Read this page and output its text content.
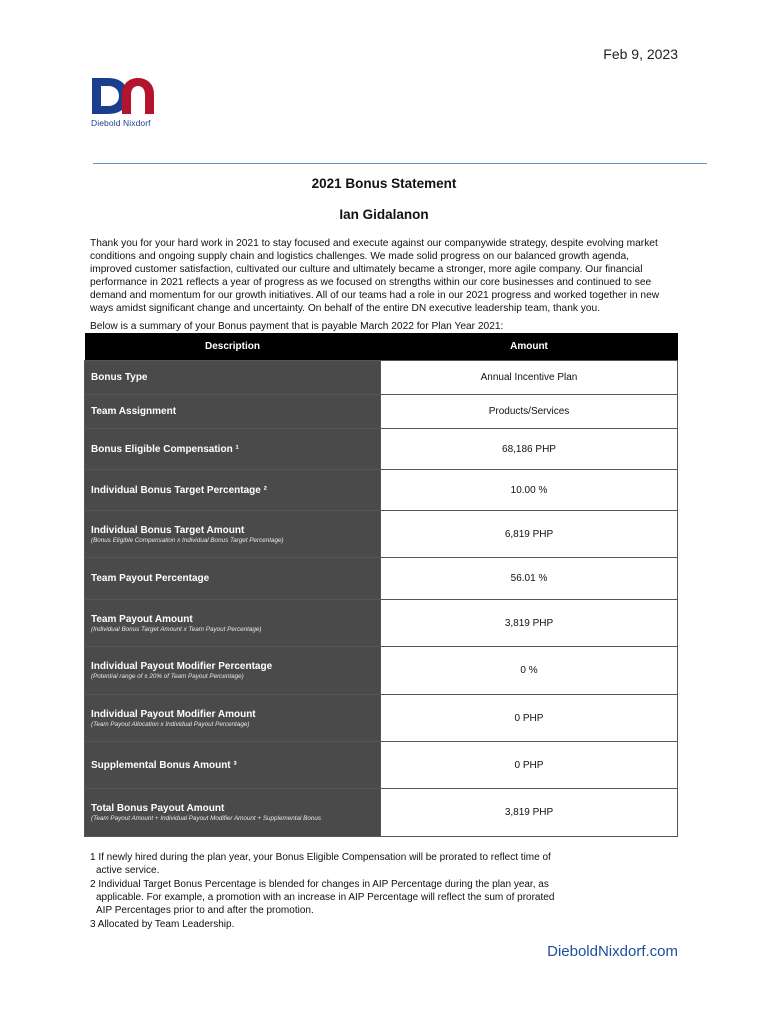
Feb 9, 2023
Diebold Nixdorf
2021 Bonus Statement
Ian Gidalanon
Thank you for your hard work in 2021 to stay focused and execute against our companywide strategy, despite evolving market conditions and ongoing supply chain and logistics challenges. We made solid progress on our balanced growth agenda, improved customer satisfaction, cultivated our culture and ultimately became a stronger, more agile company. Our financial performance in 2021 reflects a year of progress as we focused on strengths within our core businesses and continued to see demand and momentum for our growth initiatives. All of our teams had a role in our 2021 progress and worked together in new ways amidst significant change and uncertainty. On behalf of the entire DN executive leadership team, thank you.
Below is a summary of your Bonus payment that is payable March 2022 for Plan Year 2021:
Description	Amount
Bonus Type	Annual Incentive Plan
Team Assignment	Products/Services
Bonus Eligible Compensation ¹	68,186 PHP
Individual Bonus Target Percentage ²	10.00 %
Individual Bonus Target Amount
(Bonus Eligible Compensation x Individual Bonus Target Percentage)	6,819 PHP
Team Payout Percentage	56.01 %
Team Payout Amount
(Individual Bonus Target Amount x Team Payout Percentage)	3,819 PHP
Individual Payout Modifier Percentage
(Potential range of ± 20% of Team Payout Percentage)	0 %
Individual Payout Modifier Amount
(Team Payout Allocation x Individual Payout Percentage)	0 PHP
Supplemental Bonus Amount ³	0 PHP
Total Bonus Payout Amount
(Team Payout Amount + Individual Payout Modifier Amount + Supplemental Bonus	3,819 PHP
1 If newly hired during the plan year, your Bonus Eligible Compensation will be prorated to reflect time of
active service.
2 Individual Target Bonus Percentage is blended for changes in AIP Percentage during the plan year, as
applicable. For example, a promotion with an increase in AIP Percentage will reflect the sum of prorated
AIP Percentages prior to and after the promotion.
3 Allocated by Team Leadership.
DieboldNixdorf.com
